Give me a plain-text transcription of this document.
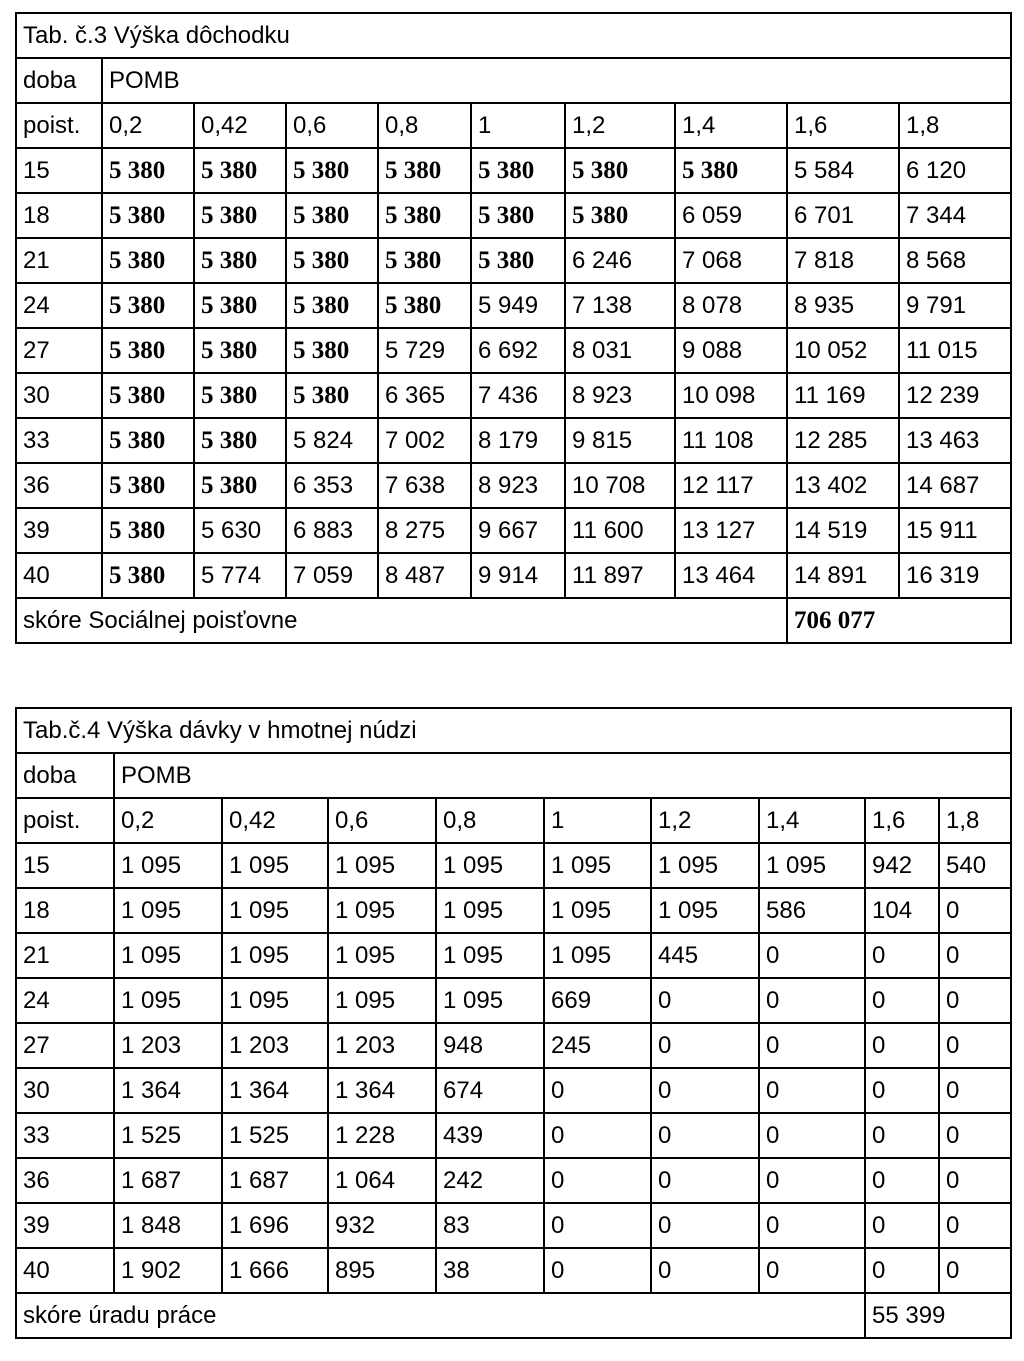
Tab. č.3 Výška dôchodku									
doba	POMB								
poist.	0,2	0,42	0,6	0,8	1	1,2	1,4	1,6	1,8
15	5 380	5 380	5 380	5 380	5 380	5 380	5 380	5 584	6 120
18	5 380	5 380	5 380	5 380	5 380	5 380	6 059	6 701	7 344
21	5 380	5 380	5 380	5 380	5 380	6 246	7 068	7 818	8 568
24	5 380	5 380	5 380	5 380	5 949	7 138	8 078	8 935	9 791
27	5 380	5 380	5 380	5 729	6 692	8 031	9 088	10 052	11 015
30	5 380	5 380	5 380	6 365	7 436	8 923	10 098	11 169	12 239
33	5 380	5 380	5 824	7 002	8 179	9 815	11 108	12 285	13 463
36	5 380	5 380	6 353	7 638	8 923	10 708	12 117	13 402	14 687
39	5 380	5 630	6 883	8 275	9 667	11 600	13 127	14 519	15 911
40	5 380	5 774	7 059	8 487	9 914	11 897	13 464	14 891	16 319
skóre Sociálnej poisťovne								706 077	
Tab.č.4 Výška dávky v hmotnej núdzi									
doba	POMB								
poist.	0,2	0,42	0,6	0,8	1	1,2	1,4	1,6	1,8
15	1 095	1 095	1 095	1 095	1 095	1 095	1 095	942	540
18	1 095	1 095	1 095	1 095	1 095	1 095	586	104	0
21	1 095	1 095	1 095	1 095	1 095	445	0	0	0
24	1 095	1 095	1 095	1 095	669	0	0	0	0
27	1 203	1 203	1 203	948	245	0	0	0	0
30	1 364	1 364	1 364	674	0	0	0	0	0
33	1 525	1 525	1 228	439	0	0	0	0	0
36	1 687	1 687	1 064	242	0	0	0	0	0
39	1 848	1 696	932	83	0	0	0	0	0
40	1 902	1 666	895	38	0	0	0	0	0
skóre úradu práce								55 399	
